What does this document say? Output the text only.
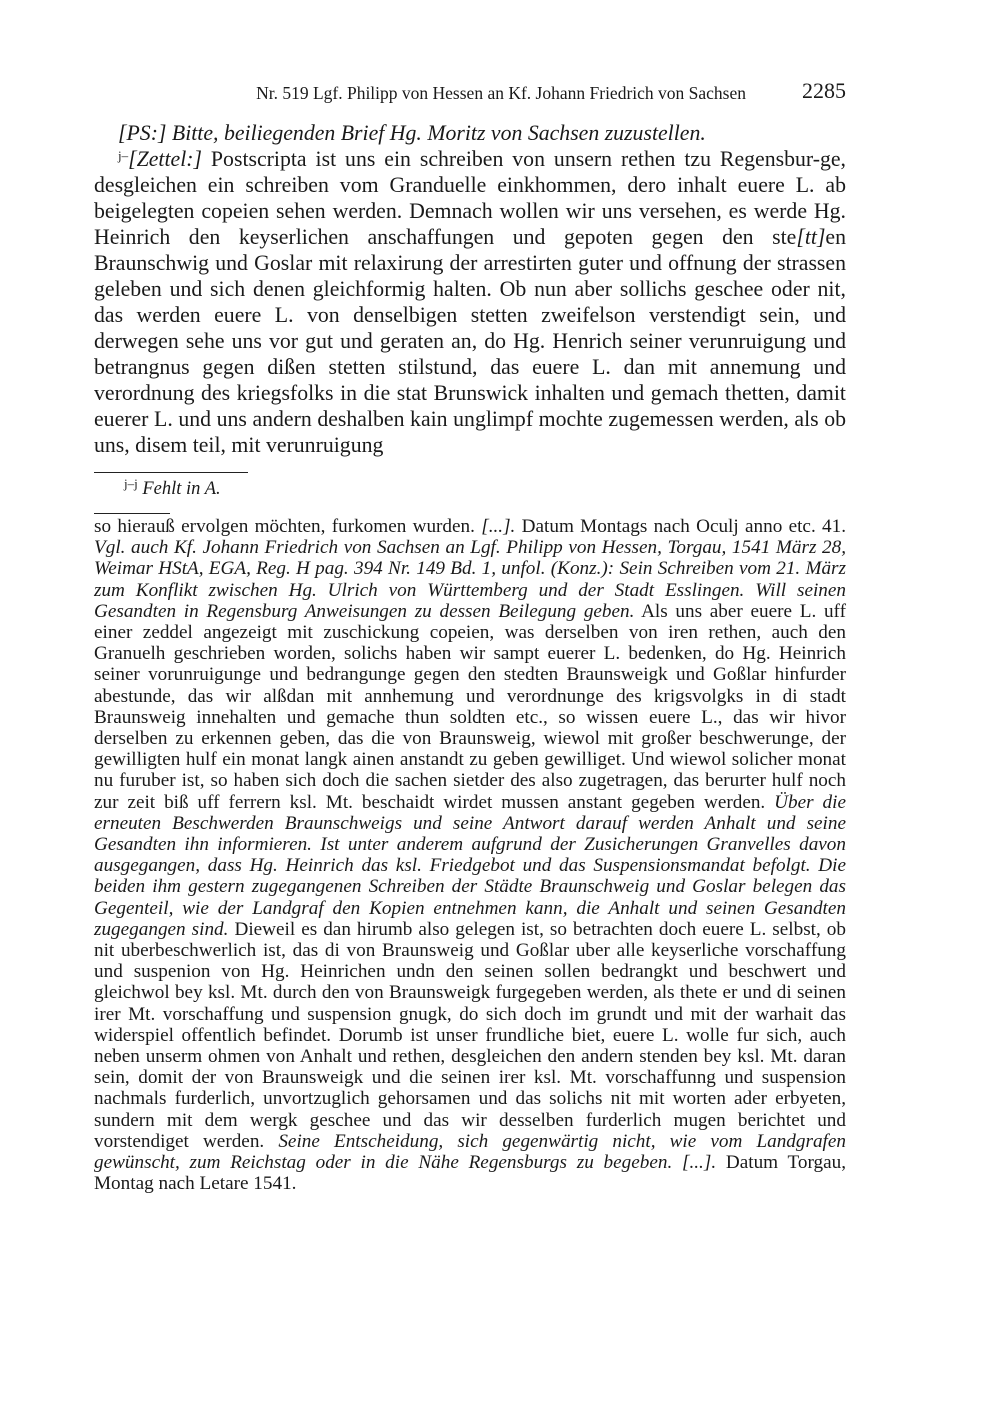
Nr. 519 Lgf. Philipp von Hessen an Kf. Johann Friedrich von Sachsen	2285

[PS:] Bitte, beiliegenden Brief Hg. Moritz von Sachsen zuzustellen.

$^{j-}$[Zettel:] Postscripta ist uns ein schreiben von unsern rethen tzu Regensbur-ge, desgleichen ein schreiben vom Granduelle einkhommen, dero inhalt euere L. ab beigelegten copeien sehen werden. Demnach wollen wir uns versehen, es werde Hg. Heinrich den keyserlichen anschaffungen und gepoten gegen den ste[tt]en Braunschwig und Goslar mit relaxirung der arrestirten guter und offnung der strassen geleben und sich denen gleichformig halten. Ob nun aber sollichs geschee oder nit, das werden euere L. von denselbigen stetten zweifelson verstendigt sein, und derwegen sehe uns vor gut und geraten an, do Hg. Henrich seiner verunruigung und betrangnus gegen dißen stetten stilstund, das euere L. dan mit annemung und verordnung des kriegsfolks in die stat Brunswick inhalten und gemach thetten, damit euerer L. und uns andern deshalben kain unglimpf mochte zugemessen werden, als ob uns, disem teil, mit verunruigung

$^{j-j}$ Fehlt in A.
so hierauß ervolgen möchten, furkomen wurden. [...]. Datum Montags nach Oculj anno etc. 41. Vgl. auch Kf. Johann Friedrich von Sachsen an Lgf. Philipp von Hessen, Torgau, 1541 März 28, Weimar HStA, EGA, Reg. H pag. 394 Nr. 149 Bd. 1, unfol. (Konz.): Sein Schreiben vom 21. März zum Konflikt zwischen Hg. Ulrich von Württemberg und der Stadt Esslingen. Will seinen Gesandten in Regensburg Anweisungen zu dessen Beilegung geben. Als uns aber euere L. uff einer zeddel angezeigt mit zuschickung copeien, was derselben von iren rethen, auch den Granuelh geschrieben worden, solichs haben wir sampt euerer L. bedenken, do Hg. Heinrich seiner vorunruigunge und bedrangunge gegen den stedten Braunsweigk und Goßlar hinfurder abestunde, das wir alßdan mit annhemung und verordnunge des krigsvolgks in di stadt Braunsweig innehalten und gemache thun soldten etc., so wissen euere L., das wir hivor derselben zu erkennen geben, das die von Braunsweig, wiewol mit großer beschwerunge, der gewilligten hulf ein monat langk ainen anstandt zu geben gewilliget. Und wiewol solicher monat nu furuber ist, so haben sich doch die sachen sietder des also zugetragen, das berurter hulf noch zur zeit biß uff ferrern ksl. Mt. beschaidt wirdet mussen anstant gegeben werden. Über die erneuten Beschwerden Braunschweigs und seine Antwort darauf werden Anhalt und seine Gesandten ihn informieren. Ist unter anderem aufgrund der Zusicherungen Granvelles davon ausgegangen, dass Hg. Heinrich das ksl. Friedgebot und das Suspensionsmandat befolgt. Die beiden ihm gestern zugegangenen Schreiben der Städte Braunschweig und Goslar belegen das Gegenteil, wie der Landgraf den Kopien entnehmen kann, die Anhalt und seinen Gesandten zugegangen sind. Dieweil es dan hirumb also gelegen ist, so betrachten doch euere L. selbst, ob nit uberbeschwerlich ist, das di von Braunsweig und Goßlar uber alle keyserliche vorschaffung und suspenion von Hg. Heinrichen undn den seinen sollen bedrangkt und beschwert und gleichwol bey ksl. Mt. durch den von Braunsweigk furgegeben werden, als thete er und di seinen irer Mt. vorschaffung und suspension gnugk, do sich doch im grundt und mit der warhait das widerspiel offentlich befindet. Dorumb ist unser frundliche biet, euere L. wolle fur sich, auch neben unserm ohmen von Anhalt und rethen, desgleichen den andern stenden bey ksl. Mt. daran sein, domit der von Braunsweigk und die seinen irer ksl. Mt. vorschaffunng und suspension nachmals furderlich, unvortzuglich gehorsamen und das solichs nit mit worten ader erbyeten, sundern mit dem wergk geschee und das wir desselben furderlich mugen berichtet und vorstendiget werden. Seine Entscheidung, sich gegenwärtig nicht, wie vom Landgrafen gewünscht, zum Reichstag oder in die Nähe Regensburgs zu begeben. [...]. Datum Torgau, Montag nach Letare 1541.
